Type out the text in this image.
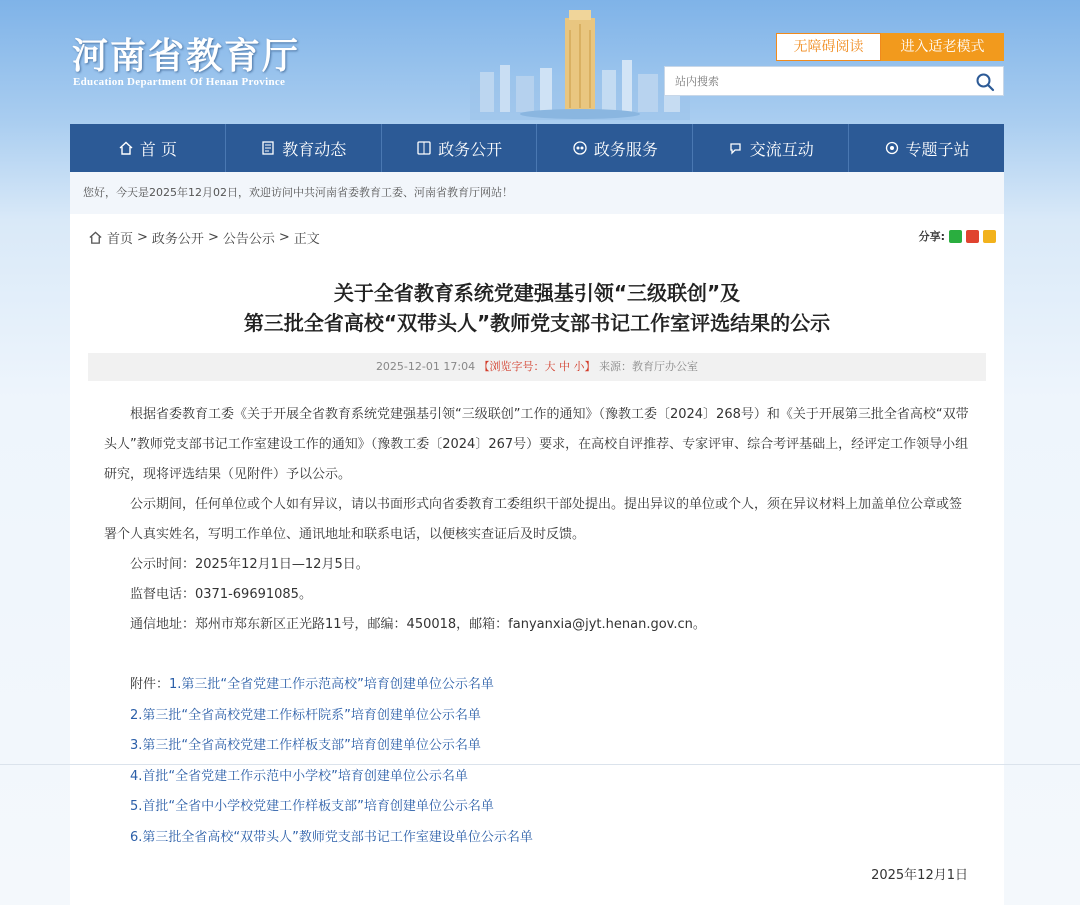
河南省教育厅
Education Department Of Henan Province
无障碍阅读	进入适老模式
站内搜索
首 页	教育动态	政务公开	政务服务	交流互动	专题子站
您好，今天是2025年12月02日，欢迎访问中共河南省委教育工委、河南省教育厅网站！
首页 > 政务公开 > 公告公示 > 正文	分享:
关于全省教育系统党建强基引领“三级联创”及
第三批全省高校“双带头人”教师党支部书记工作室评选结果的公示
2025-12-01 17:04 【浏览字号：大 中 小】 来源：教育厅办公室

根据省委教育工委《关于开展全省教育系统党建强基引领“三级联创”工作的通知》（豫教工委〔2024〕268号）和《关于开展第三批全省高校“双带头人”教师党支部书记工作室建设工作的通知》（豫教工委〔2024〕267号）要求，在高校自评推荐、专家评审、综合考评基础上，经评定工作领导小组研究，现将评选结果（见附件）予以公示。

公示期间，任何单位或个人如有异议，请以书面形式向省委教育工委组织干部处提出。提出异议的单位或个人，须在异议材料上加盖单位公章或签署个人真实姓名，写明工作单位、通讯地址和联系电话，以便核实查证后及时反馈。

公示时间：2025年12月1日—12月5日。

监督电话：0371-69691085。

通信地址：郑州市郑东新区正光路11号，邮编：450018，邮箱：fanyanxia@jyt.henan.gov.cn。

附件：1.第三批“全省党建工作示范高校”培育创建单位公示名单

2.第三批“全省高校党建工作标杆院系”培育创建单位公示名单

3.第三批“全省高校党建工作样板支部”培育创建单位公示名单

4.首批“全省党建工作示范中小学校”培育创建单位公示名单

5.首批“全省中小学校党建工作样板支部”培育创建单位公示名单

6.第三批全省高校“双带头人”教师党支部书记工作室建设单位公示名单

2025年12月1日
